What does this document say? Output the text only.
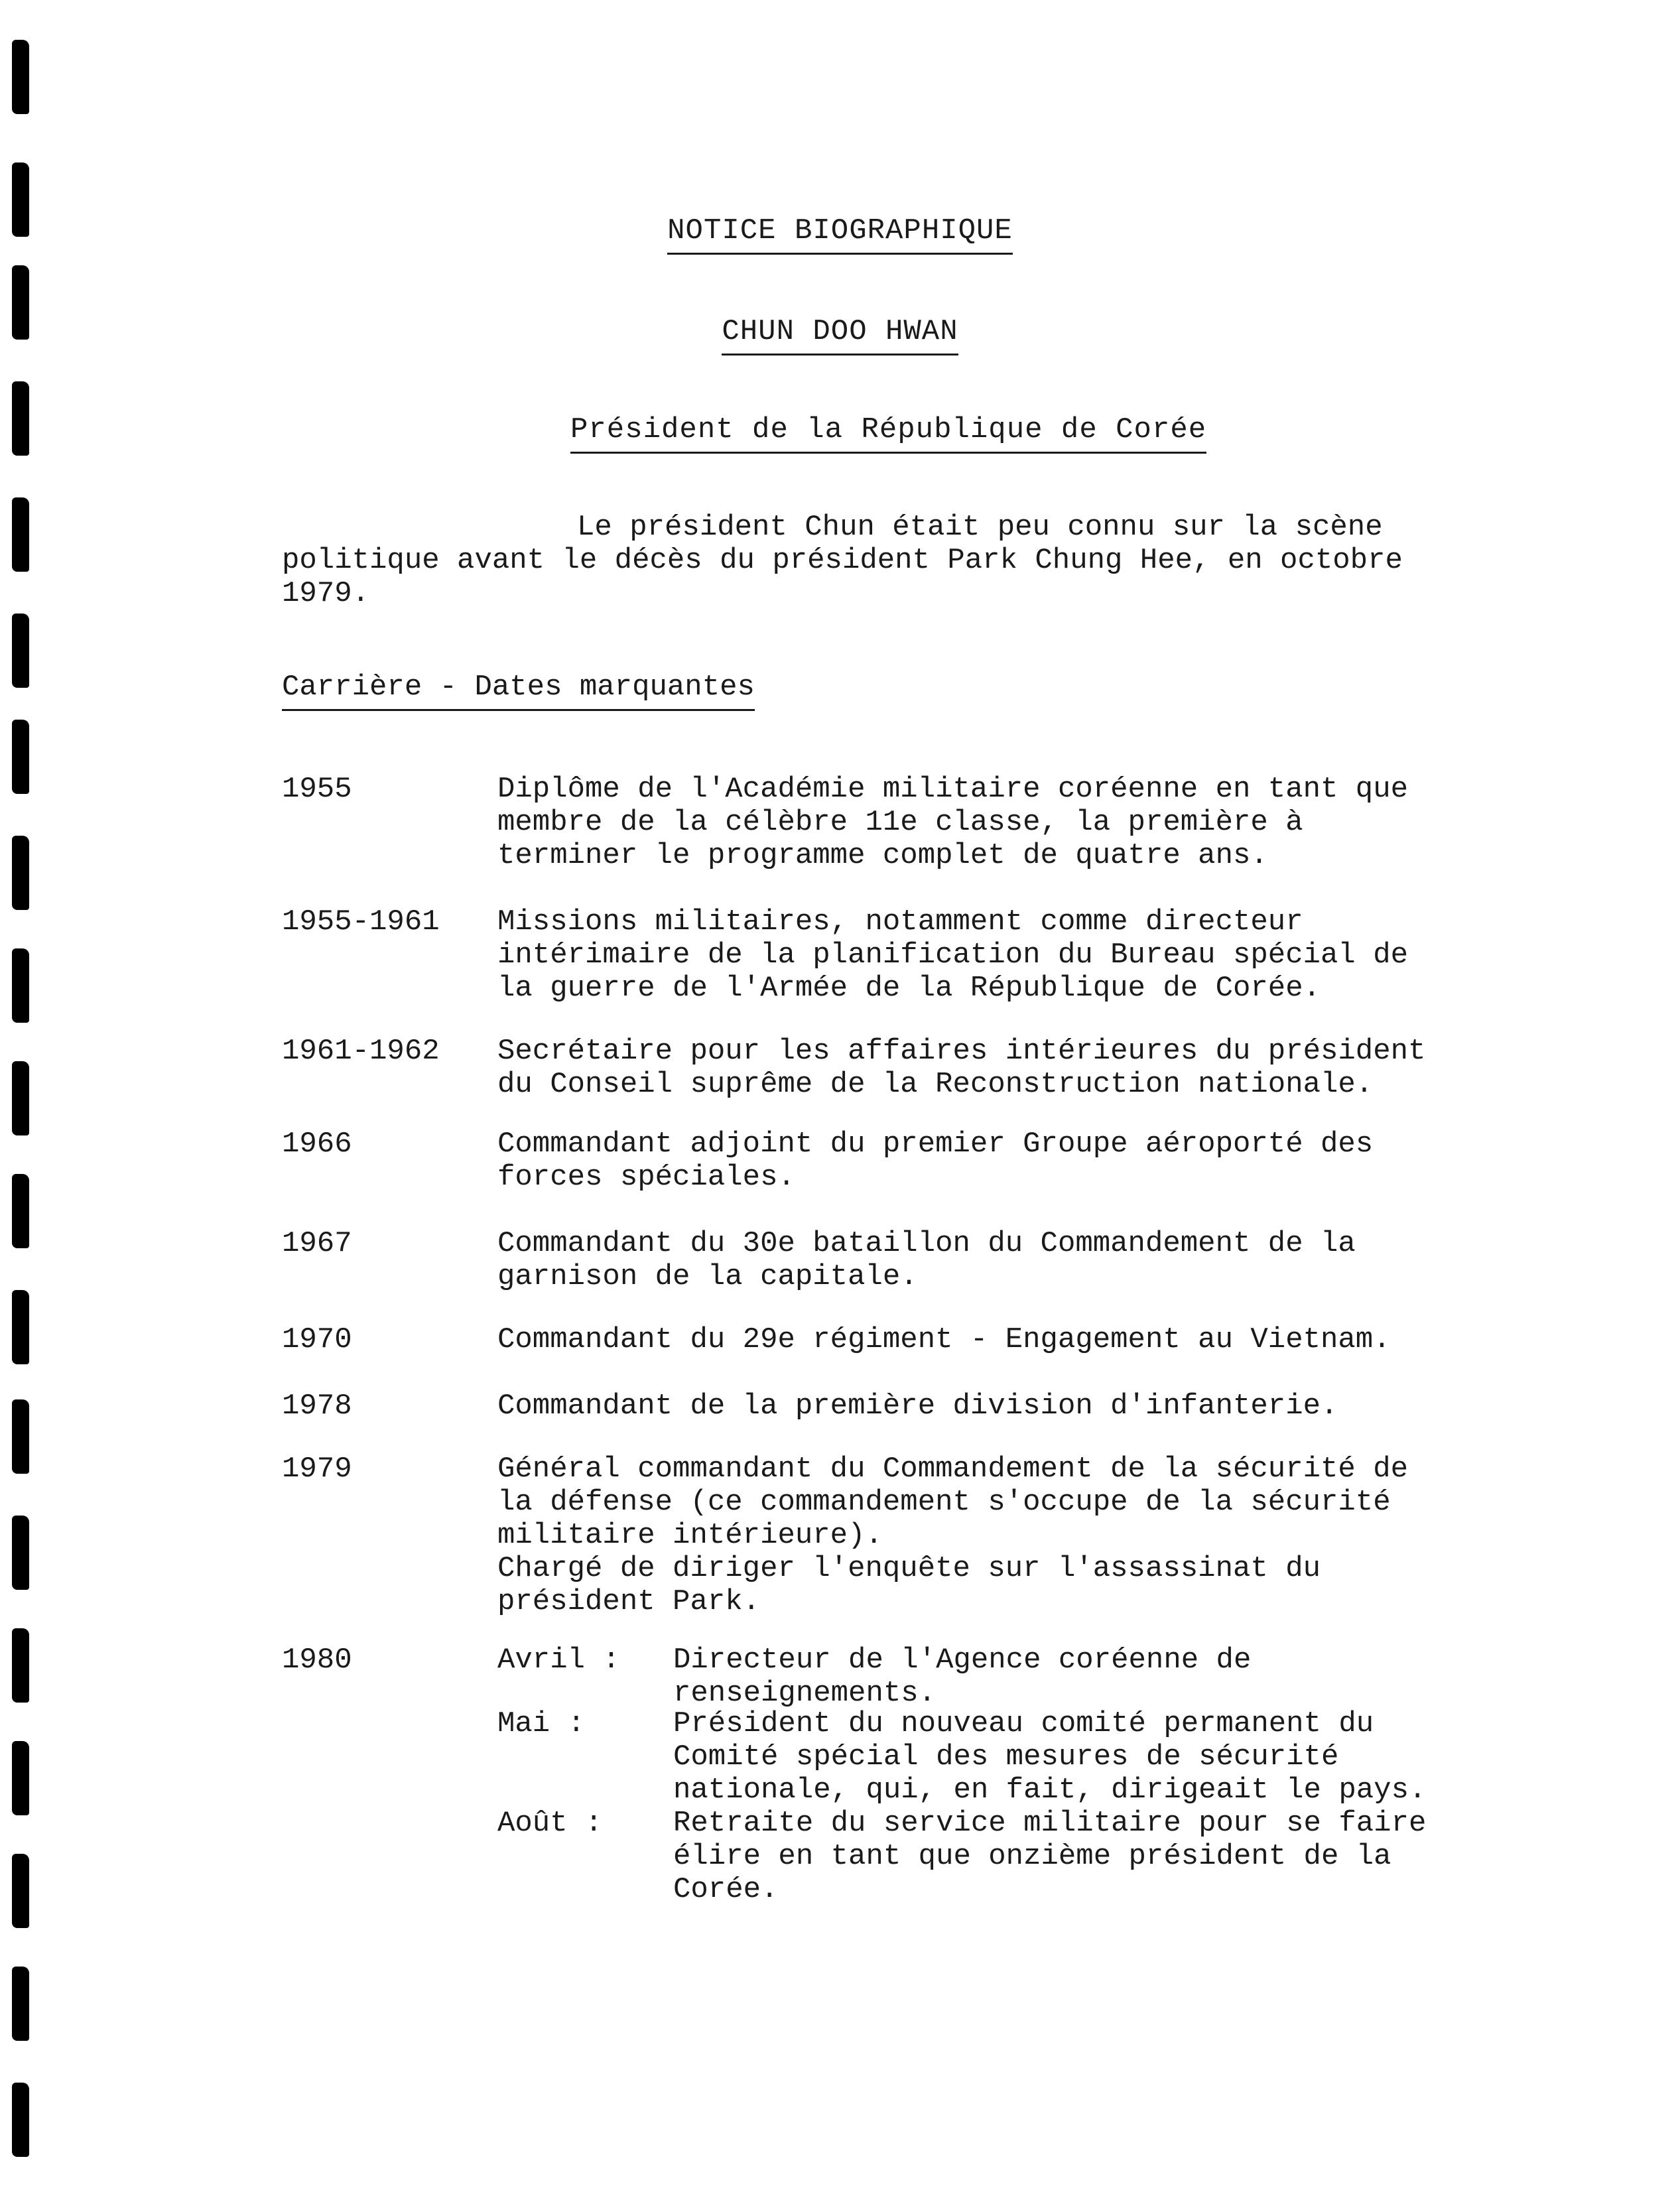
NOTICE BIOGRAPHIQUE
CHUN DOO HWAN
Président de la République de Corée
Le président Chun était peu connu sur la scène
politique avant le décès du président Park Chung Hee, en octobre
1979.
Carrière - Dates marquantes
1955	Diplôme de l'Académie militaire coréenne en tant que
membre de la célèbre 11e classe, la première à
terminer le programme complet de quatre ans.
1955-1961 Missions militaires, notamment comme directeur
intérimaire de la planification du Bureau spécial de
la guerre de l'Armée de la République de Corée.
1961-1962 Secrétaire pour les affaires intérieures du président
du Conseil suprême de la Reconstruction nationale.
1966	Commandant adjoint du premier Groupe aéroporté des
forces spéciales.
1967	Commandant du 30e bataillon du Commandement de la
garnison de la capitale.
1970	Commandant du 29e régiment - Engagement au Vietnam.
1978	Commandant de la première division d'infanterie.
1979	Général commandant du Commandement de la sécurité de
la défense (ce commandement s'occupe de la sécurité
militaire intérieure).
Chargé de diriger l'enquête sur l'assassinat du
président Park.
1980	Avril : Directeur de l'Agence coréenne de
renseignements.
Mai :	Président du nouveau comité permanent du
Comité spécial des mesures de sécurité
nationale, qui, en fait, dirigeait le pays.
Août : Retraite du service militaire pour se faire
élire en tant que onzième président de la
Corée.
